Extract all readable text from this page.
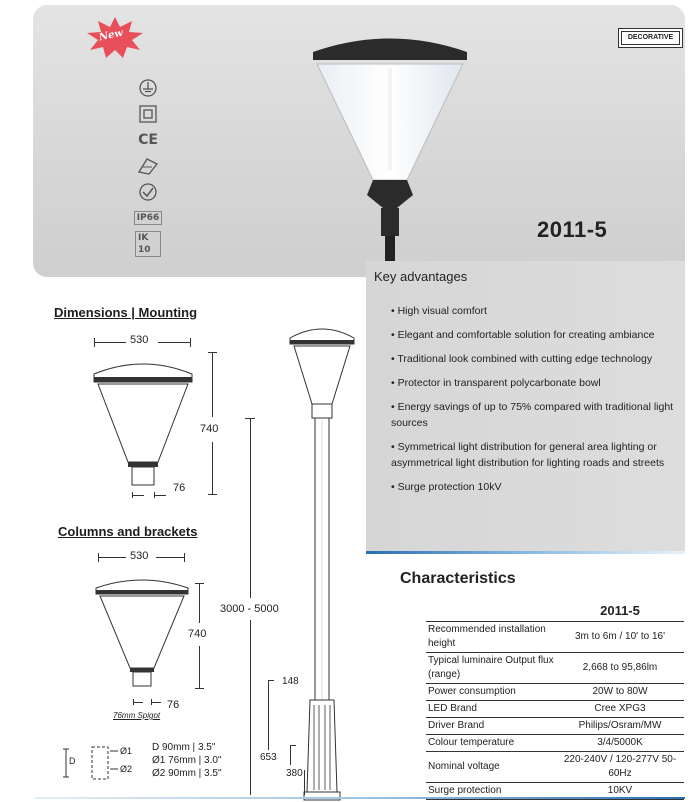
New
CE
IP66
IK 10
DECORATIVE
2011-5
Key advantages
• High visual comfort
• Elegant and comfortable solution for creating ambiance
• Traditional look combined with cutting edge technology
• Protector in transparent polycarbonate bowl
• Energy savings of up to 75% compared with traditional light sources
• Symmetrical light distribution for general area lighting or asymmetrical light distribution for lighting roads and streets
• Surge protection 10kV
Dimensions | Mounting
530
740
76
Columns and brackets
530
740
76
76mm Spigot
D
Ø1
Ø2
D 90mm | 3.5"
Ø1 76mm | 3.0"
Ø2 90mm | 3.5"
3000 - 5000
148
653
380
Characteristics
	2011-5
Recommended installation height	3m to 6m / 10' to 16'
Typical luminaire Output flux (range)	2,668 to 95,86lm
Power consumption	20W to 80W
LED Brand	Cree XPG3
Driver Brand	Philips/Osram/MW
Colour temperature	3/4/5000K
Nominal voltage	220-240V / 120-277V 50-60Hz
Surge protection	10KV
